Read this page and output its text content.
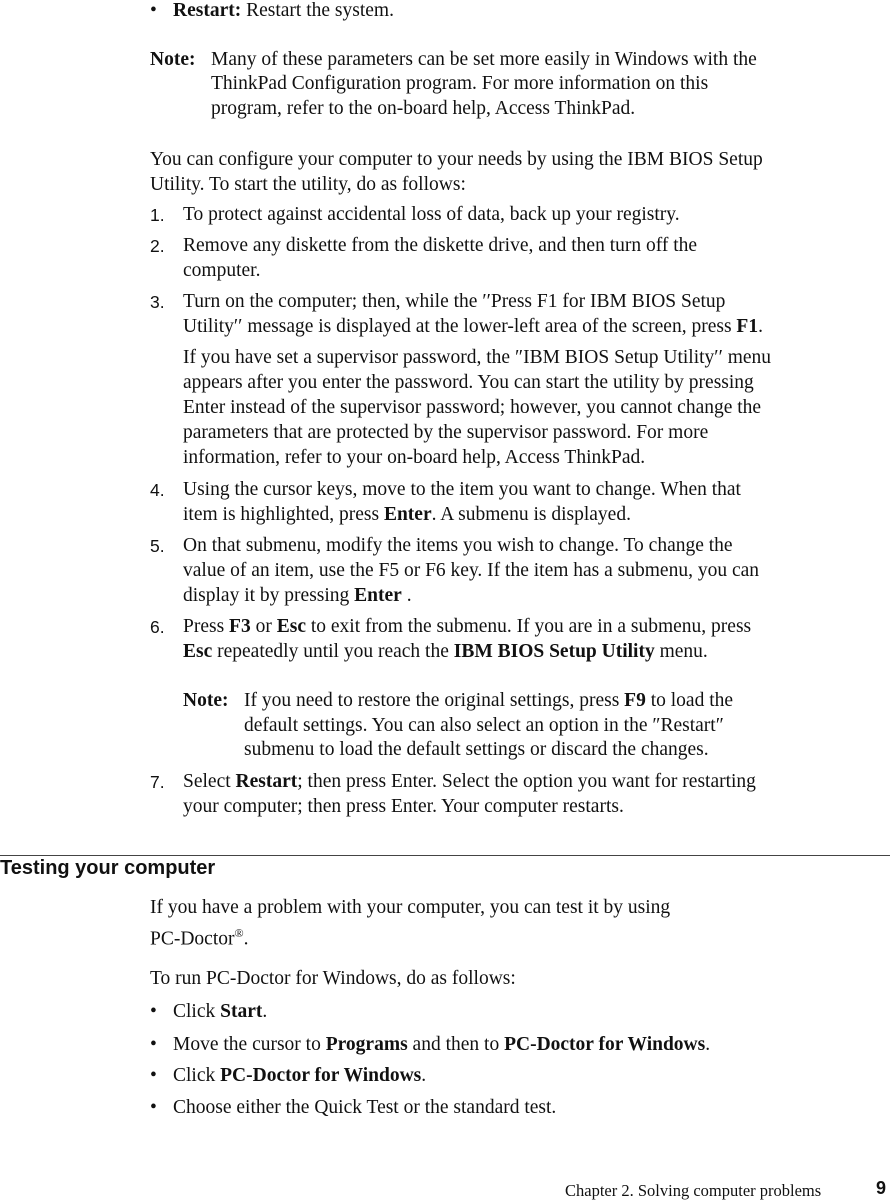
• Restart: Restart the system.
Note: Many of these parameters can be set more easily in Windows with the
ThinkPad Configuration program. For more information on this
program, refer to the on-board help, Access ThinkPad.
You can configure your computer to your needs by using the IBM BIOS Setup
Utility. To start the utility, do as follows:
1. To protect against accidental loss of data, back up your registry.
2. Remove any diskette from the diskette drive, and then turn off the
computer.
3. Turn on the computer; then, while the ′′Press F1 for IBM BIOS Setup
Utility′′ message is displayed at the lower-left area of the screen, press F1.
If you have set a supervisor password, the ″IBM BIOS Setup Utility′′ menu
appears after you enter the password. You can start the utility by pressing
Enter instead of the supervisor password; however, you cannot change the
parameters that are protected by the supervisor password. For more
information, refer to your on-board help, Access ThinkPad.
4. Using the cursor keys, move to the item you want to change. When that
item is highlighted, press Enter. A submenu is displayed.
5. On that submenu, modify the items you wish to change. To change the
value of an item, use the F5 or F6 key. If the item has a submenu, you can
display it by pressing Enter .
6. Press F3 or Esc to exit from the submenu. If you are in a submenu, press
Esc repeatedly until you reach the IBM BIOS Setup Utility menu.
Note: If you need to restore the original settings, press F9 to load the
default settings. You can also select an option in the ″Restart″
submenu to load the default settings or discard the changes.
7. Select Restart; then press Enter. Select the option you want for restarting
your computer; then press Enter. Your computer restarts.
Testing your computer
If you have a problem with your computer, you can test it by using
PC-Doctor®.
To run PC-Doctor for Windows, do as follows:
• Click Start.
• Move the cursor to Programs and then to PC-Doctor for Windows.
• Click PC-Doctor for Windows.
• Choose either the Quick Test or the standard test.
Chapter 2. Solving computer problems	9
